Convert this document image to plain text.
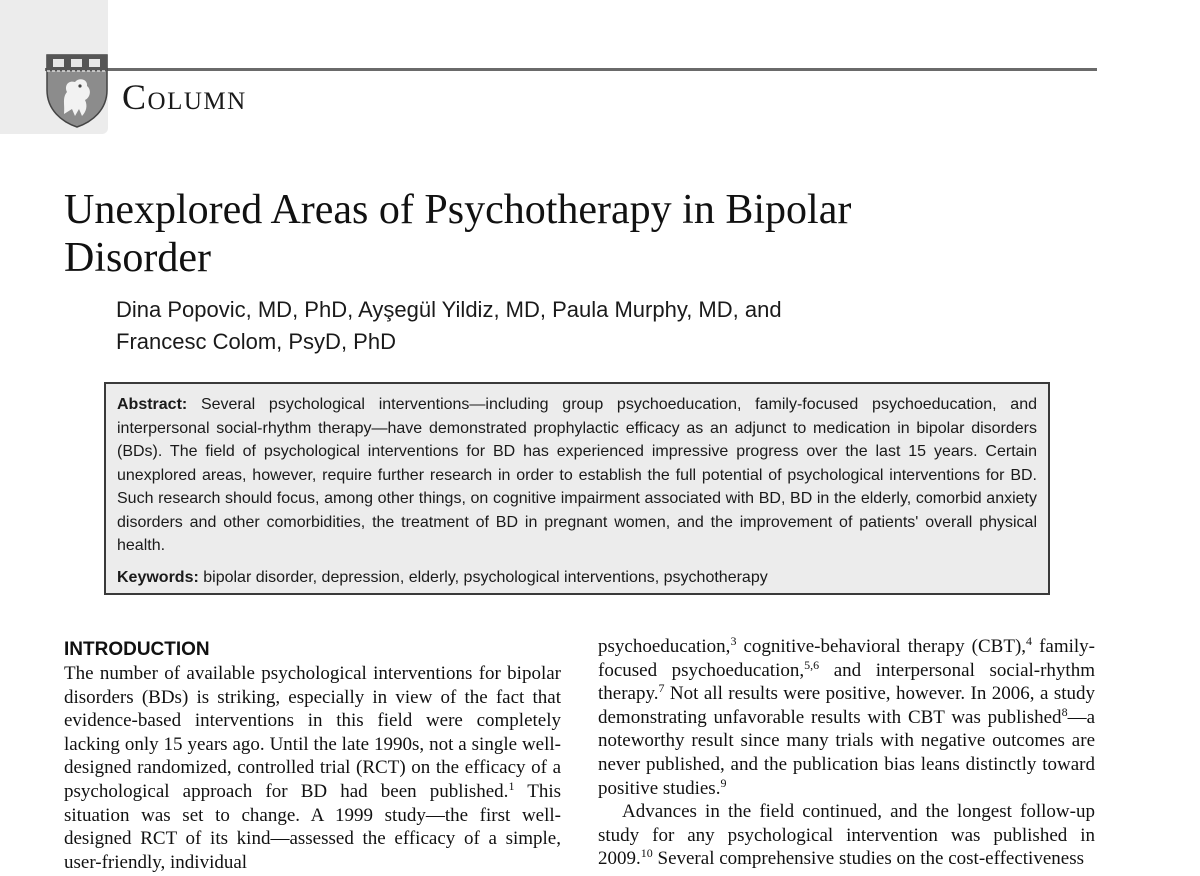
Column
Unexplored Areas of Psychotherapy in Bipolar Disorder
Dina Popovic, MD, PhD, Ayşegül Yildiz, MD, Paula Murphy, MD, and Francesc Colom, PsyD, PhD

Abstract: Several psychological interventions—including group psychoeducation, family-focused psychoeducation, and interpersonal social-rhythm therapy—have demonstrated prophylactic efficacy as an adjunct to medication in bipolar disorders (BDs). The field of psychological interventions for BD has experienced impressive progress over the last 15 years. Certain unexplored areas, however, require further research in order to establish the full potential of psychological interventions for BD. Such research should focus, among other things, on cognitive impairment associated with BD, BD in the elderly, comorbid anxiety disorders and other comorbidities, the treatment of BD in pregnant women, and the improvement of patients' overall physical health.

Keywords: bipolar disorder, depression, elderly, psychological interventions, psychotherapy

INTRODUCTION

The number of available psychological interventions for bipolar disorders (BDs) is striking, especially in view of the fact that evidence-based interventions in this field were completely lacking only 15 years ago. Until the late 1990s, not a single well-designed randomized, controlled trial (RCT) on the efficacy of a psychological approach for BD had been published.$^1$ This situation was set to change. A 1999 study—the first well-designed RCT of its kind—assessed the efficacy of a simple, user-friendly, individual

psychoeducation,$^3$ cognitive-behavioral therapy (CBT),$^4$ family-focused psychoeducation,$^{5,6}$ and interpersonal social-rhythm therapy.$^7$ Not all results were positive, however. In 2006, a study demonstrating unfavorable results with CBT was published$^8$—a noteworthy result since many trials with negative outcomes are never published, and the publication bias leans distinctly toward positive studies.$^9$

Advances in the field continued, and the longest follow-up study for any psychological intervention was published in 2009.10 Several comprehensive studies on the cost-effectiveness
